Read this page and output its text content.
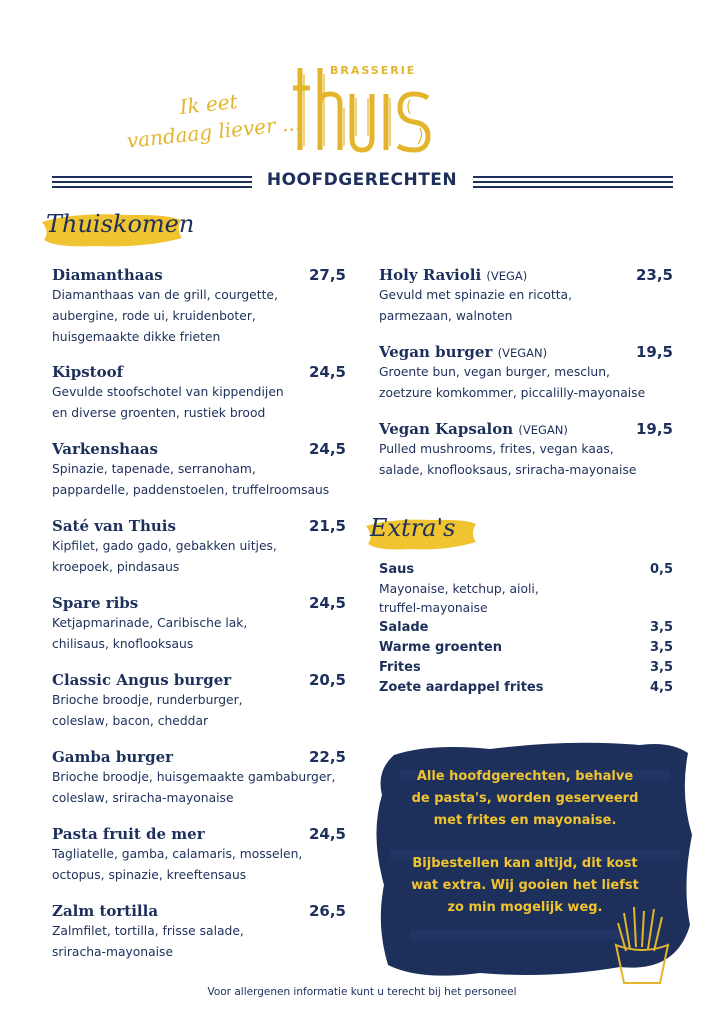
Ik eet
vandaag liever ...
BRASSERIE
HOOFDGERECHTEN
Thuiskomen
Diamanthaas	27,5
Diamanthaas van de grill, courgette,
aubergine, rode ui, kruidenboter,
huisgemaakte dikke frieten
Kipstoof	24,5
Gevulde stoofschotel van kippendijen
en diverse groenten, rustiek brood
Varkenshaas	24,5
Spinazie, tapenade, serranoham,
pappardelle, paddenstoelen, truffelroomsaus
Saté van Thuis	21,5
Kipfilet, gado gado, gebakken uitjes,
kroepoek, pindasaus
Spare ribs	24,5
Ketjapmarinade, Caribische lak,
chilisaus, knoflooksaus
Classic Angus burger	20,5
Brioche broodje, runderburger,
coleslaw, bacon, cheddar
Gamba burger	22,5
Brioche broodje, huisgemaakte gambaburger,
coleslaw, sriracha-mayonaise
Pasta fruit de mer	24,5
Tagliatelle, gamba, calamaris, mosselen,
octopus, spinazie, kreeftensaus
Zalm tortilla	26,5
Zalmfilet, tortilla, frisse salade,
sriracha-mayonaise
Holy Ravioli (VEGA)	23,5
Gevuld met spinazie en ricotta,
parmezaan, walnoten
Vegan burger (VEGAN)	19,5
Groente bun, vegan burger, mesclun,
zoetzure komkommer, piccalilly-mayonaise
Vegan Kapsalon (VEGAN)	19,5
Pulled mushrooms, frites, vegan kaas,
salade, knoflooksaus, sriracha-mayonaise
Extra's
Saus	0,5
Mayonaise, ketchup, aioli,
truffel-mayonaise
Salade	3,5
Warme groenten	3,5
Frites	3,5
Zoete aardappel frites	4,5
Alle hoofdgerechten, behalve
de pasta's, worden geserveerd
met frites en mayonaise.
Bijbestellen kan altijd, dit kost
wat extra. Wij gooien het liefst
zo min mogelijk weg.
Voor allergenen informatie kunt u terecht bij het personeel
